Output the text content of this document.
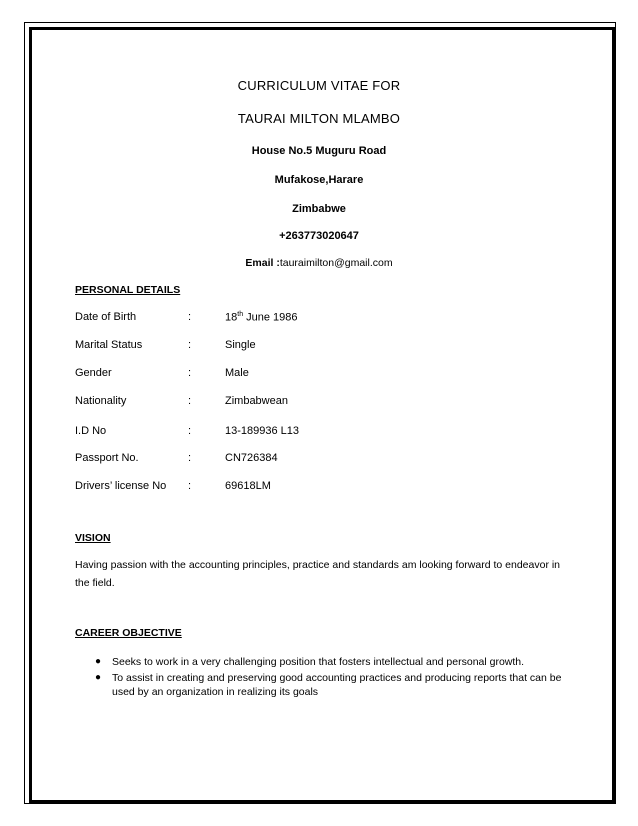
CURRICULUM VITAE FOR
TAURAI MILTON MLAMBO
House No.5 Muguru Road
Mufakose,Harare
Zimbabwe
+263773020647
Email :tauraimilton@gmail.com
PERSONAL DETAILS
Date of Birth	:	18th June 1986
Marital Status	:	Single
Gender	:	Male
Nationality	:	Zimbabwean
I.D No	:	13-189936 L13
Passport No.	:	CN726384
Drivers’ license No :	69618LM
VISION
Having passion with the accounting principles, practice and standards am looking forward to endeavor in the field.
CAREER OBJECTIVE
● Seeks to work in a very challenging position that fosters intellectual and personal growth.
● To assist in creating and preserving good accounting practices and producing reports that can be used by an organization in realizing its goals
